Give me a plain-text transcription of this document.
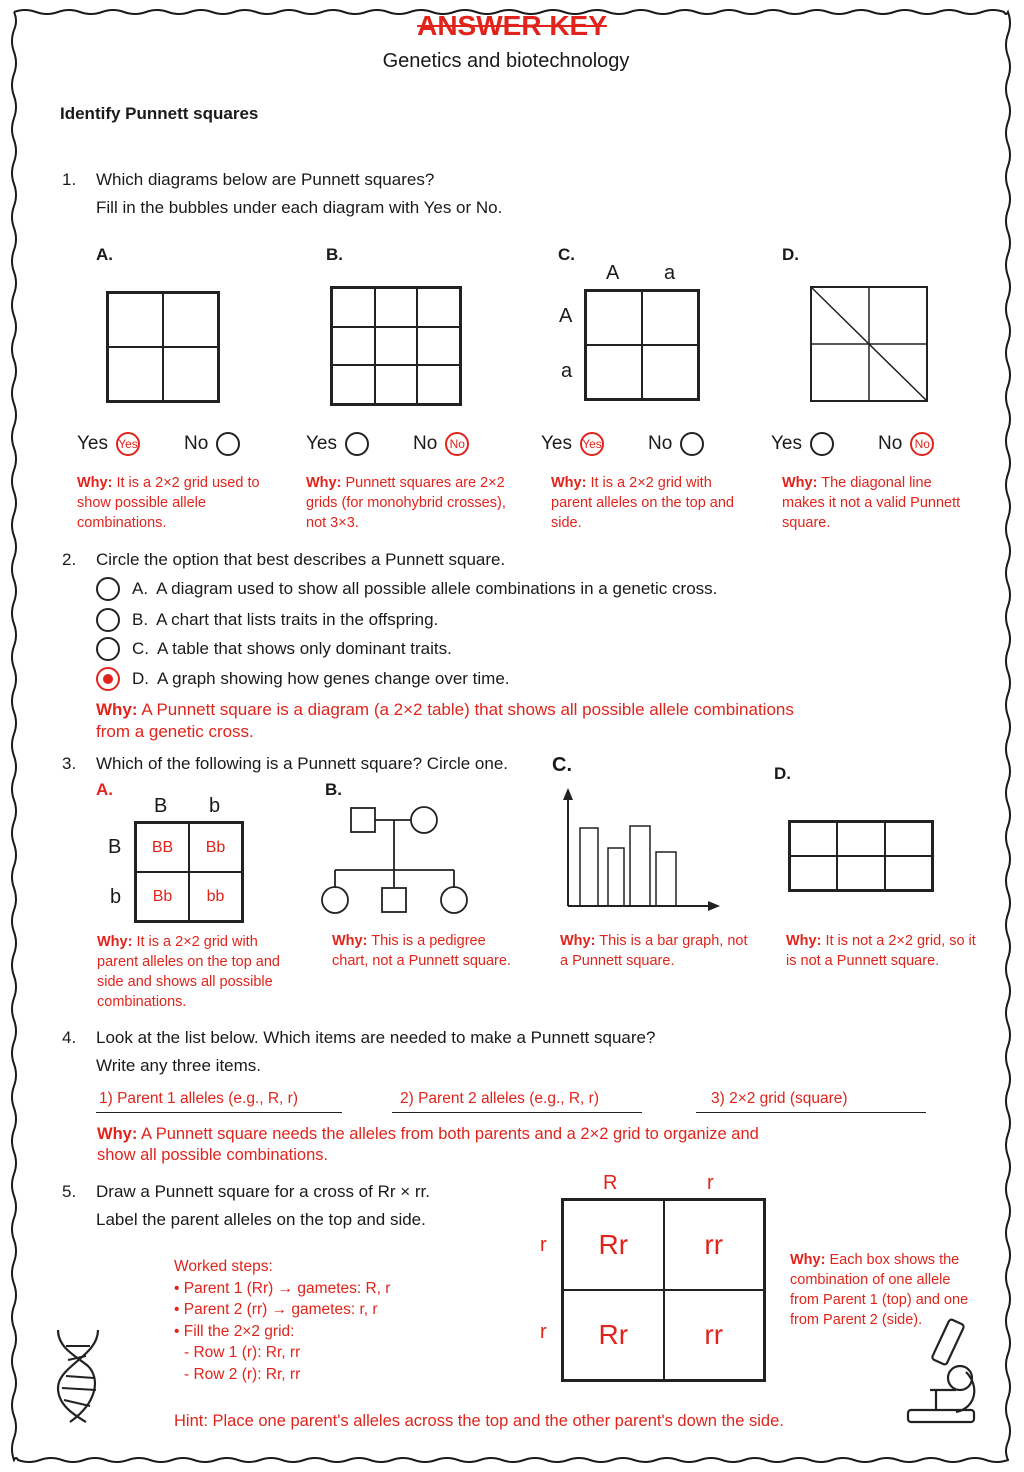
ANSWER KEY
Genetics and biotechnology
Identify Punnett squares
1. Which diagrams below are Punnett squares?
Fill in the bubbles under each diagram with Yes or No.
A.	B.	C.	D.
A a
A
a
Yes Yes No	Yes	No	No	Yes Yes No	Yes	No	No
Why: It is a 2×2 grid used to show possible allele combinations.
Why: Punnett squares are 2×2 grids (for monohybrid crosses), not 3×3.
Why: It is a 2×2 grid with parent alleles on the top and side.
Why: The diagonal line makes it not a valid Punnett square.
2. Circle the option that best describes a Punnett square.
A. A diagram used to show all possible allele combinations in a genetic cross.
B. A chart that lists traits in the offspring.
C. A table that shows only dominant traits.
D. A graph showing how genes change over time.
Why: A Punnett square is a diagram (a 2×2 table) that shows all possible allele combinations
from a genetic cross.
3. Which of the following is a Punnett square? Circle one.
A.	B.
C.	D.
B b
B
b
BB	Bb
Bb	bb
Why: It is a 2×2 grid with parent alleles on the top and side and shows all possible combinations.
Why: This is a pedigree chart, not a Punnett square.
Why: This is a bar graph, not a Punnett square.
Why: It is not a 2×2 grid, so it is not a Punnett square.
4. Look at the list below. Which items are needed to make a Punnett square?
Write any three items.
1) Parent 1 alleles (e.g., R, r)	2) Parent 2 alleles (e.g., R, r)	3) 2×2 grid (square)
Why: A Punnett square needs the alleles from both parents and a 2×2 grid to organize and
show all possible combinations.
5. Draw a Punnett square for a cross of Rr × rr.
Label the parent alleles on the top and side.
Worked steps:
• Parent 1 (Rr) → gametes: R, r
• Parent 2 (rr) → gametes: r, r
• Fill the 2×2 grid:
- Row 1 (r): Rr, rr
- Row 2 (r): Rr, rr
R	r
r
r
Rr	rr
Rr	rr
Why: Each box shows the combination of one allele from Parent 1 (top) and one from Parent 2 (side).
Hint: Place one parent's alleles across the top and the other parent's down the side.
